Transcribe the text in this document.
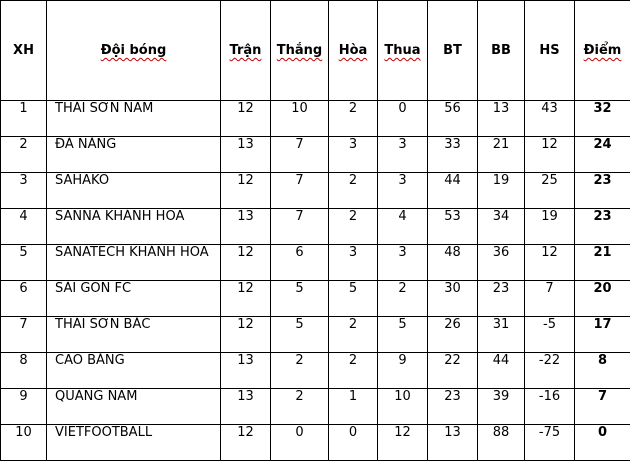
XH	Đội bóng	Trận	Thắng	Hòa	Thua	BT	BB	HS	Điểm
1	THÁI SƠN NAM	12	10	2	0	56	13	43	32
2	ĐÀ NẴNG	13	7	3	3	33	21	12	24
3	SAHAKO	12	7	2	3	44	19	25	23
4	SANNA KHÁNH HÒA	13	7	2	4	53	34	19	23
5	SANATECH KHÁNH HÒA	12	6	3	3	48	36	12	21
6	SÀI GÒN FC	12	5	5	2	30	23	7	20
7	THÁI SƠN BẮC	12	5	2	5	26	31	-5	17
8	CAO BẰNG	13	2	2	9	22	44	-22	8
9	QUẢNG NAM	13	2	1	10	23	39	-16	7
10	VIETFOOTBALL	12	0	0	12	13	88	-75	0
